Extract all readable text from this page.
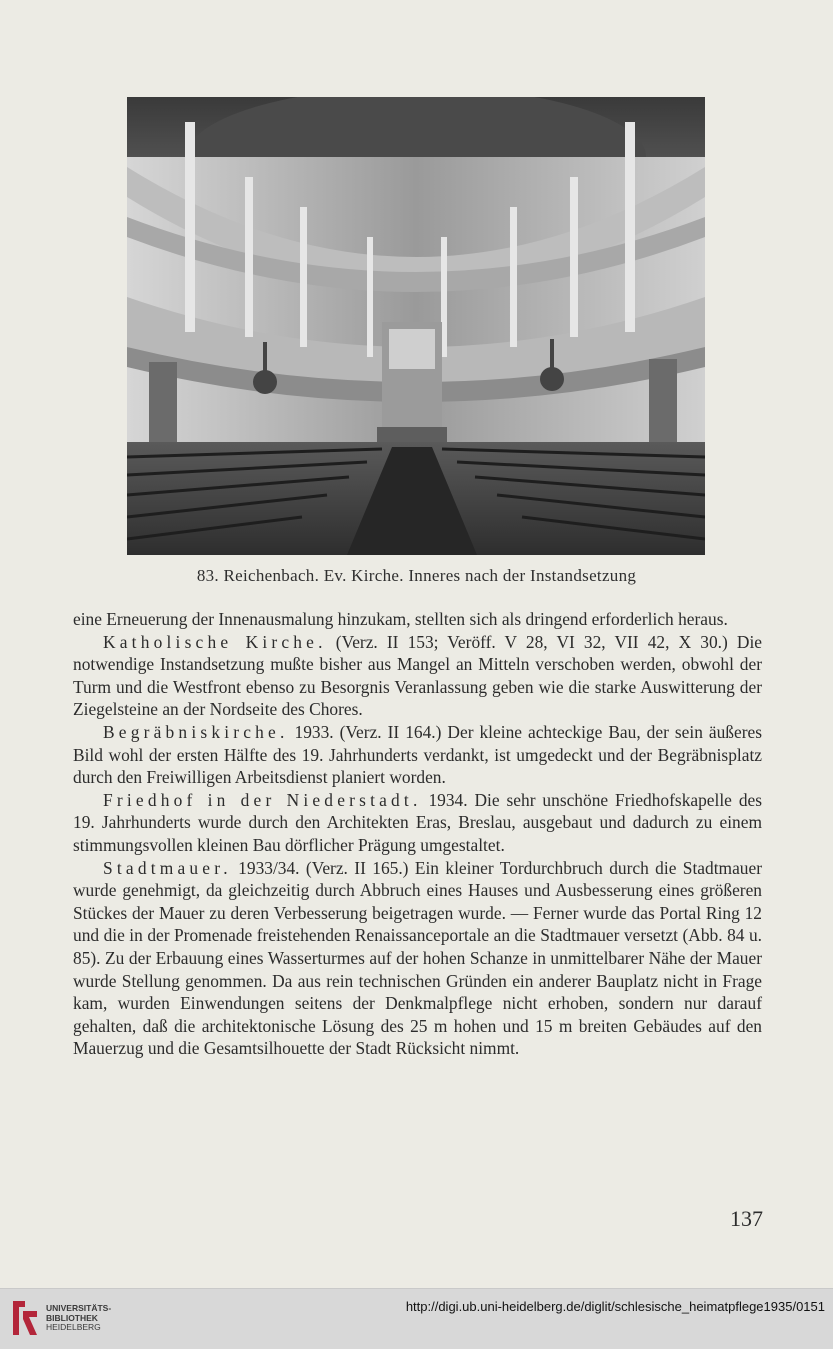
83. Reichenbach. Ev. Kirche. Inneres nach der Instandsetzung

eine Erneuerung der Innenausmalung hinzukam, stellten sich als dringend erforderlich heraus.

Katholische Kirche. (Verz. II 153; Veröff. V 28, VI 32, VII 42, X 30.) Die notwendige Instandsetzung mußte bisher aus Mangel an Mitteln verschoben werden, obwohl der Turm und die Westfront ebenso zu Besorgnis Veranlassung geben wie die starke Auswitterung der Ziegelsteine an der Nordseite des Chores.

Begräbniskirche. 1933. (Verz. II 164.) Der kleine achteckige Bau, der sein äußeres Bild wohl der ersten Hälfte des 19. Jahrhunderts verdankt, ist umgedeckt und der Begräbnisplatz durch den Freiwilligen Arbeitsdienst planiert worden.

Friedhof in der Niederstadt. 1934. Die sehr unschöne Friedhofskapelle des 19. Jahrhunderts wurde durch den Architekten Eras, Breslau, ausgebaut und dadurch zu einem stimmungsvollen kleinen Bau dörflicher Prägung umgestaltet.

Stadtmauer. 1933/34. (Verz. II 165.) Ein kleiner Tordurchbruch durch die Stadtmauer wurde genehmigt, da gleichzeitig durch Abbruch eines Hauses und Ausbesserung eines größeren Stückes der Mauer zu deren Verbesserung beigetragen wurde. — Ferner wurde das Portal Ring 12 und die in der Promenade freistehenden Renaissanceportale an die Stadtmauer versetzt (Abb. 84 u. 85). Zu der Erbauung eines Wasserturmes auf der hohen Schanze in unmittelbarer Nähe der Mauer wurde Stellung genommen. Da aus rein technischen Gründen ein anderer Bauplatz nicht in Frage kam, wurden Einwendungen seitens der Denkmalpflege nicht erhoben, sondern nur darauf gehalten, daß die architektonische Lösung des 25 m hohen und 15 m breiten Gebäudes auf den Mauerzug und die Gesamtsilhouette der Stadt Rücksicht nimmt.

137
UNIVERSITÄTS-
BIBLIOTHEK
HEIDELBERG
http://digi.ub.uni-heidelberg.de/diglit/schlesische_heimatpflege1935/0151
